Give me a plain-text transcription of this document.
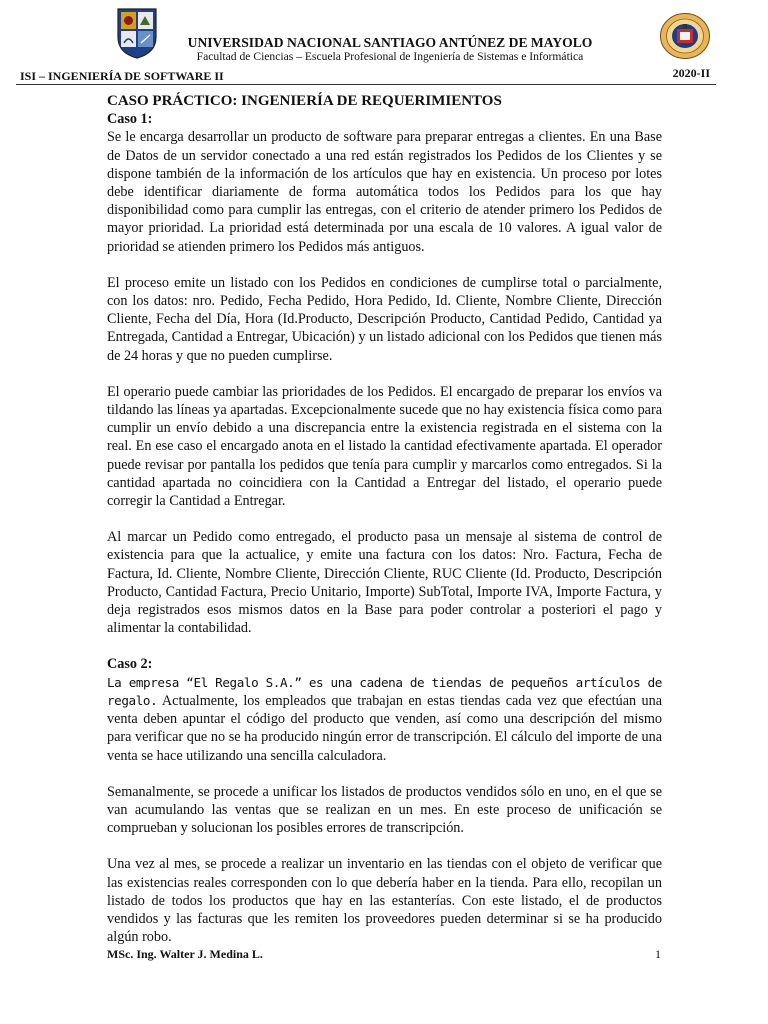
UNIVERSIDAD NACIONAL SANTIAGO ANTÚNEZ DE MAYOLO
Facultad de Ciencias – Escuela Profesional de Ingeniería de Sistemas e Informática
ISI – INGENIERÍA DE SOFTWARE II	2020-II

CASO PRÁCTICO: INGENIERÍA DE REQUERIMIENTOS

Caso 1:

Se le encarga desarrollar un producto de software para preparar entregas a clientes. En una Base de Datos de un servidor conectado a una red están registrados los Pedidos de los Clientes y se dispone también de la información de los artículos que hay en existencia. Un proceso por lotes debe identificar diariamente de forma automática todos los Pedidos para los que hay disponibilidad como para cumplir las entregas, con el criterio de atender primero los Pedidos de mayor prioridad. La prioridad está determinada por una escala de 10 valores. A igual valor de prioridad se atienden primero los Pedidos más antiguos.

El proceso emite un listado con los Pedidos en condiciones de cumplirse total o parcialmente, con los datos: nro. Pedido, Fecha Pedido, Hora Pedido, Id. Cliente, Nombre Cliente, Dirección Cliente, Fecha del Día, Hora (Id.Producto, Descripción Producto, Cantidad Pedido, Cantidad ya Entregada, Cantidad a Entregar, Ubicación) y un listado adicional con los Pedidos que tienen más de 24 horas y que no pueden cumplirse.

El operario puede cambiar las prioridades de los Pedidos. El encargado de preparar los envíos va tildando las líneas ya apartadas. Excepcionalmente sucede que no hay existencia física como para cumplir un envío debido a una discrepancia entre la existencia registrada en el sistema con la real. En ese caso el encargado anota en el listado la cantidad efectivamente apartada. El operador puede revisar por pantalla los pedidos que tenía para cumplir y marcarlos como entregados. Si la cantidad apartada no coincidiera con la Cantidad a Entregar del listado, el operario puede corregir la Cantidad a Entregar.

Al marcar un Pedido como entregado, el producto pasa un mensaje al sistema de control de existencia para que la actualice, y emite una factura con los datos: Nro. Factura, Fecha de Factura, Id. Cliente, Nombre Cliente, Dirección Cliente, RUC Cliente (Id. Producto, Descripción Producto, Cantidad Factura, Precio Unitario, Importe) SubTotal, Importe IVA, Importe Factura, y deja registrados esos mismos datos en la Base para poder controlar a posteriori el pago y alimentar la contabilidad.

Caso 2:

La empresa “El Regalo S.A.” es una cadena de tiendas de pequeños artículos de regalo. Actualmente, los empleados que trabajan en estas tiendas cada vez que efectúan una venta deben apuntar el código del producto que venden, así como una descripción del mismo para verificar que no se ha producido ningún error de transcripción. El cálculo del importe de una venta se hace utilizando una sencilla calculadora.

Semanalmente, se procede a unificar los listados de productos vendidos sólo en uno, en el que se van acumulando las ventas que se realizan en un mes. En este proceso de unificación se comprueban y solucionan los posibles errores de transcripción.

Una vez al mes, se procede a realizar un inventario en las tiendas con el objeto de verificar que las existencias reales corresponden con lo que debería haber en la tienda. Para ello, recopilan un listado de todos los productos que hay en las estanterías. Con este listado, el de productos vendidos y las facturas que les remiten los proveedores pueden determinar si se ha producido algún robo.

MSc. Ing. Walter J. Medina L.	1
